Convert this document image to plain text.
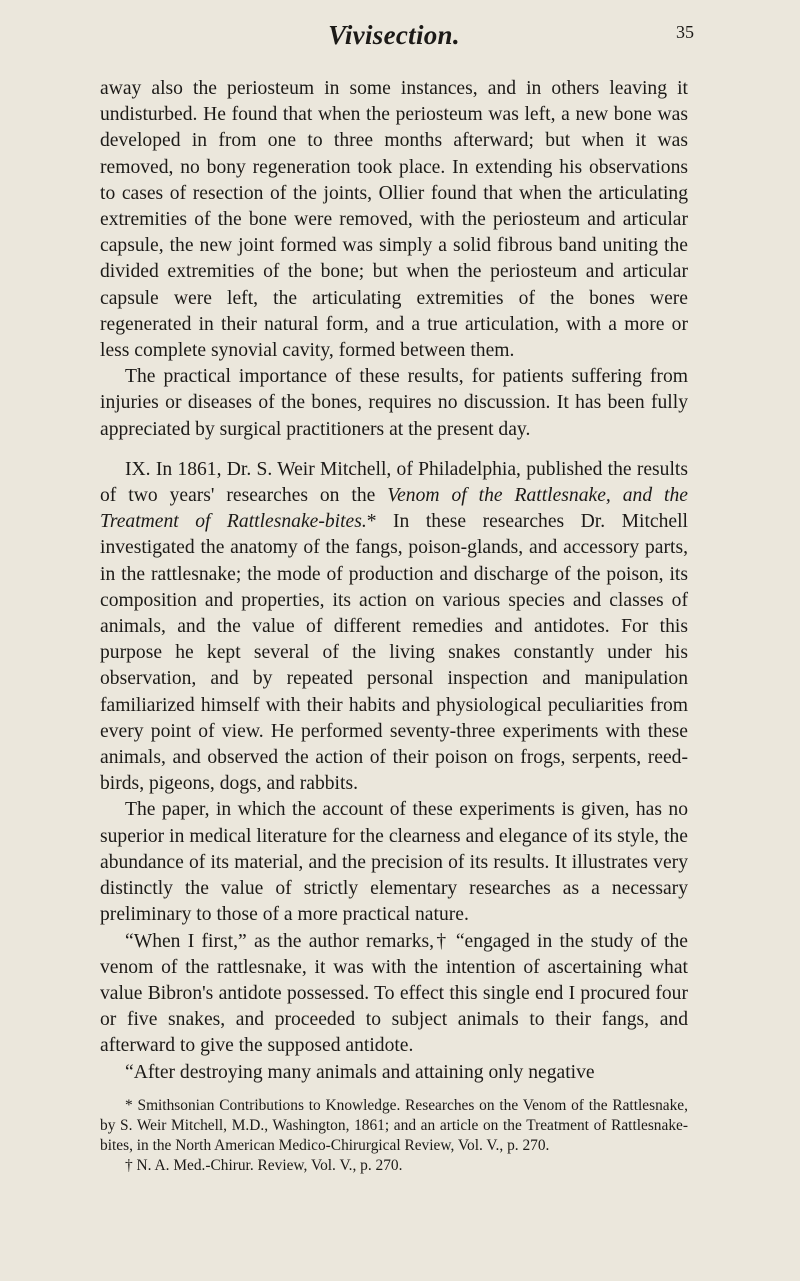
Vivisection.	35

away also the periosteum in some instances, and in others leaving it undisturbed. He found that when the periosteum was left, a new bone was developed in from one to three months afterward; but when it was removed, no bony regeneration took place. In extending his observations to cases of resection of the joints, Ollier found that when the articulating extremities of the bone were removed, with the periosteum and articular capsule, the new joint formed was simply a solid fibrous band uniting the divided extremities of the bone; but when the periosteum and articular capsule were left, the articulating extremities of the bones were regenerated in their natural form, and a true articulation, with a more or less complete synovial cavity, formed between them.

The practical importance of these results, for patients suffering from injuries or diseases of the bones, requires no discussion. It has been fully appreciated by surgical practitioners at the present day.

IX. In 1861, Dr. S. Weir Mitchell, of Philadelphia, published the results of two years' researches on the Venom of the Rattlesnake, and the Treatment of Rattlesnake-bites.* In these researches Dr. Mitchell investigated the anatomy of the fangs, poison-glands, and accessory parts, in the rattlesnake; the mode of production and discharge of the poison, its composition and properties, its action on various species and classes of animals, and the value of different remedies and antidotes. For this purpose he kept several of the living snakes constantly under his observation, and by repeated personal inspection and manipulation familiarized himself with their habits and physiological peculiarities from every point of view. He performed seventy-three experiments with these animals, and observed the action of their poison on frogs, serpents, reed-birds, pigeons, dogs, and rabbits.

The paper, in which the account of these experiments is given, has no superior in medical literature for the clearness and elegance of its style, the abundance of its material, and the precision of its results. It illustrates very distinctly the value of strictly elementary researches as a necessary preliminary to those of a more practical nature.

“When I first,” as the author remarks,† “engaged in the study of the venom of the rattlesnake, it was with the intention of ascertaining what value Bibron's antidote possessed. To effect this single end I procured four or five snakes, and proceeded to subject animals to their fangs, and afterward to give the supposed antidote.

“After destroying many animals and attaining only negative

* Smithsonian Contributions to Knowledge. Researches on the Venom of the Rattlesnake, by S. Weir Mitchell, M.D., Washington, 1861; and an article on the Treatment of Rattlesnake-bites, in the North American Medico-Chirurgical Review, Vol. V., p. 270.

† N. A. Med.-Chirur. Review, Vol. V., p. 270.
